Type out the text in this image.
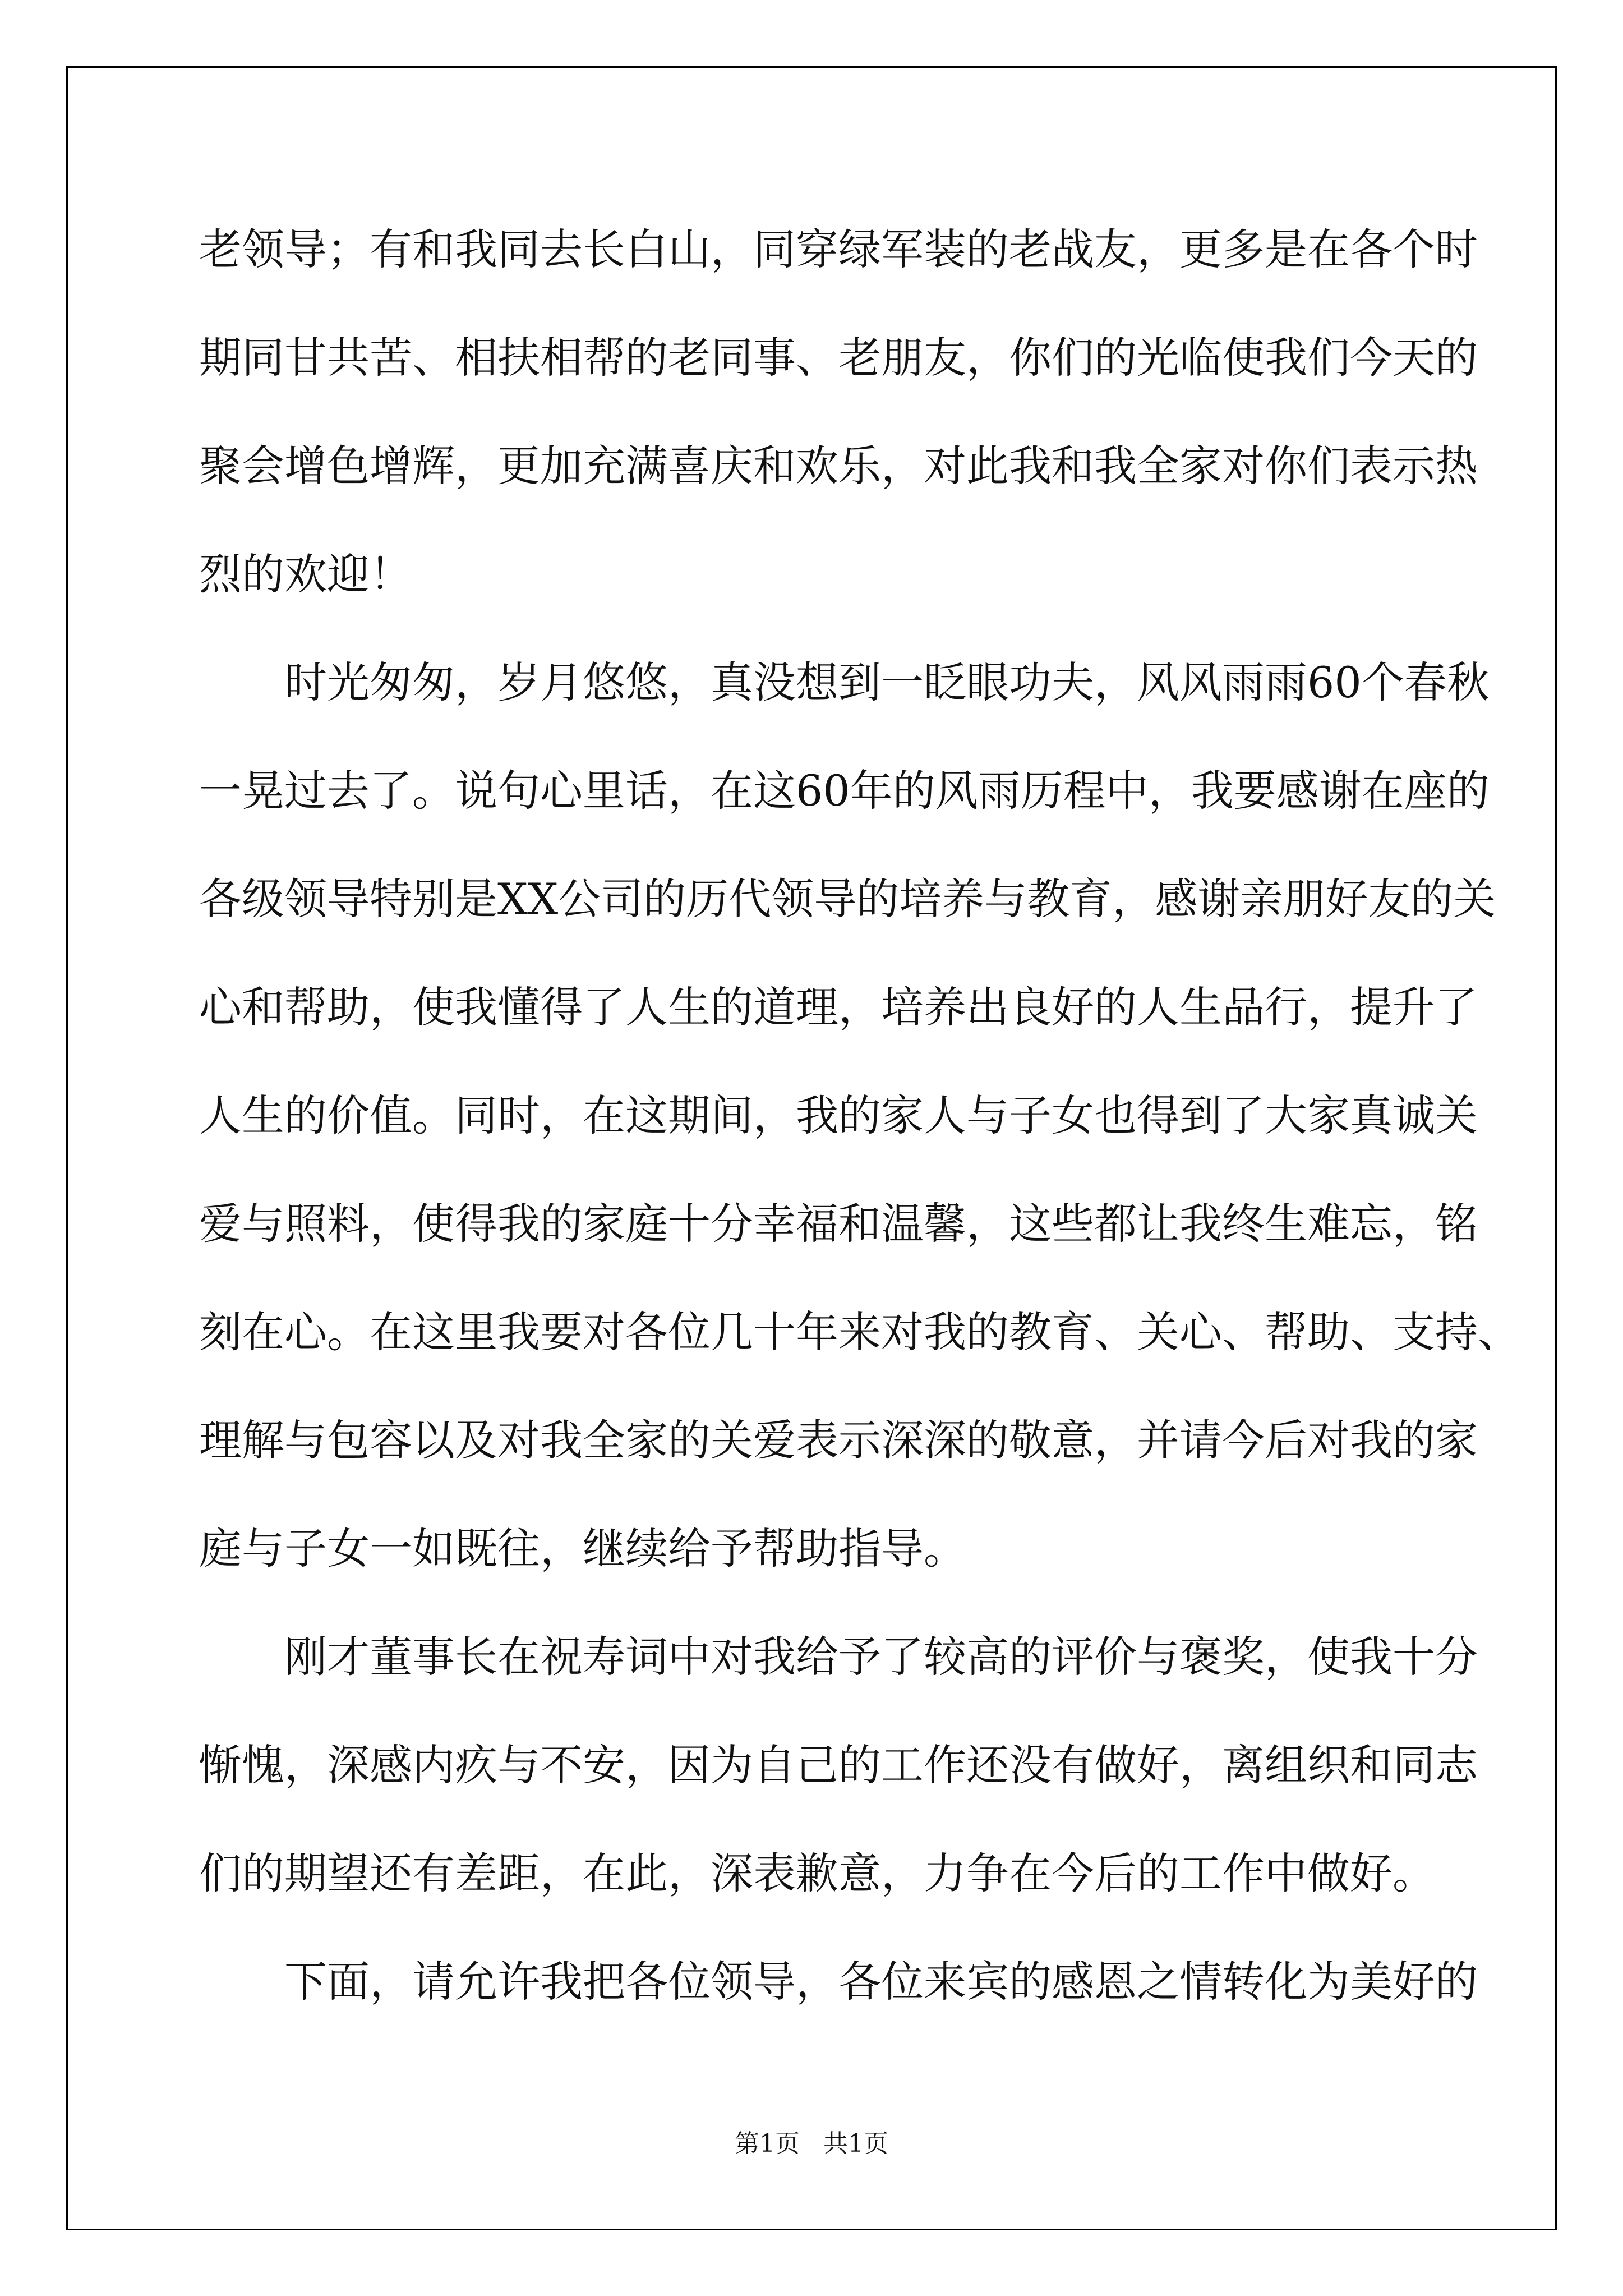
老领导；有和我同去长白山，同穿绿军装的老战友，更多是在各个时
期同甘共苦、相扶相帮的老同事、老朋友，你们的光临使我们今天的
聚会增色增辉，更加充满喜庆和欢乐，对此我和我全家对你们表示热
烈的欢迎！
时光匆匆，岁月悠悠，真没想到一眨眼功夫，风风雨雨60个春秋
一晃过去了。说句心里话，在这60年的风雨历程中，我要感谢在座的
各级领导特别是XX公司的历代领导的培养与教育，感谢亲朋好友的关
心和帮助，使我懂得了人生的道理，培养出良好的人生品行，提升了
人生的价值。同时，在这期间，我的家人与子女也得到了大家真诚关
爱与照料，使得我的家庭十分幸福和温馨，这些都让我终生难忘，铭
刻在心。在这里我要对各位几十年来对我的教育、关心、帮助、支持、
理解与包容以及对我全家的关爱表示深深的敬意，并请今后对我的家
庭与子女一如既往，继续给予帮助指导。
刚才董事长在祝寿词中对我给予了较高的评价与褒奖，使我十分
惭愧，深感内疚与不安，因为自己的工作还没有做好，离组织和同志
们的期望还有差距，在此，深表歉意，力争在今后的工作中做好。
下面，请允许我把各位领导，各位来宾的感恩之情转化为美好的
第1页 共1页
